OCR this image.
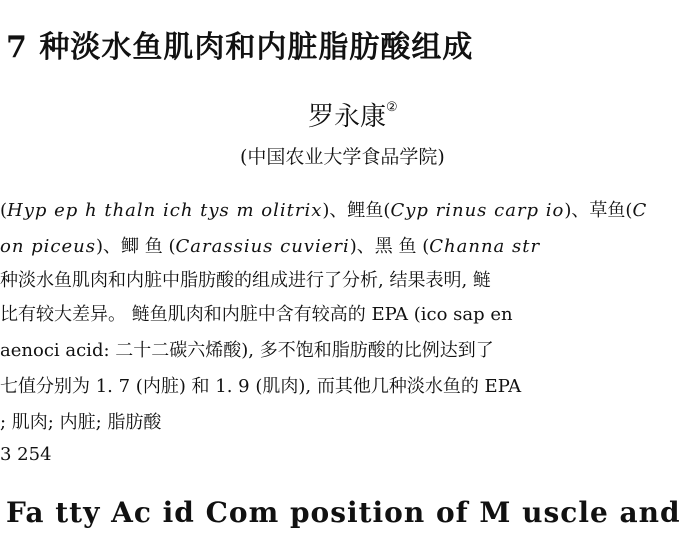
7 种淡水鱼肌肉和内脏脂肪酸组成
罗永康②
(中国农业大学食品学院)
(Hyp ep h thaln ich tys m olitrix)、鲤鱼(Cyp rinus carp io)、草鱼(C
on piceus)、鲫 鱼 (Carassius cuvieri)、黑 鱼 (Channa str
种淡水鱼肌肉和内脏中脂肪酸的组成进行了分析, 结果表明, 鲢
比有较大差异。 鲢鱼肌肉和内脏中含有较高的 EPA (ico sap en
aenoci acid: 二十二碳六烯酸), 多不饱和脂肪酸的比例达到了
七值分别为 1. 7 (内脏) 和 1. 9 (肌肉), 而其他几种淡水鱼的 EPA
; 肌肉; 内脏; 脂肪酸
3 254
Fa tty Ac id Com position of M uscle and
